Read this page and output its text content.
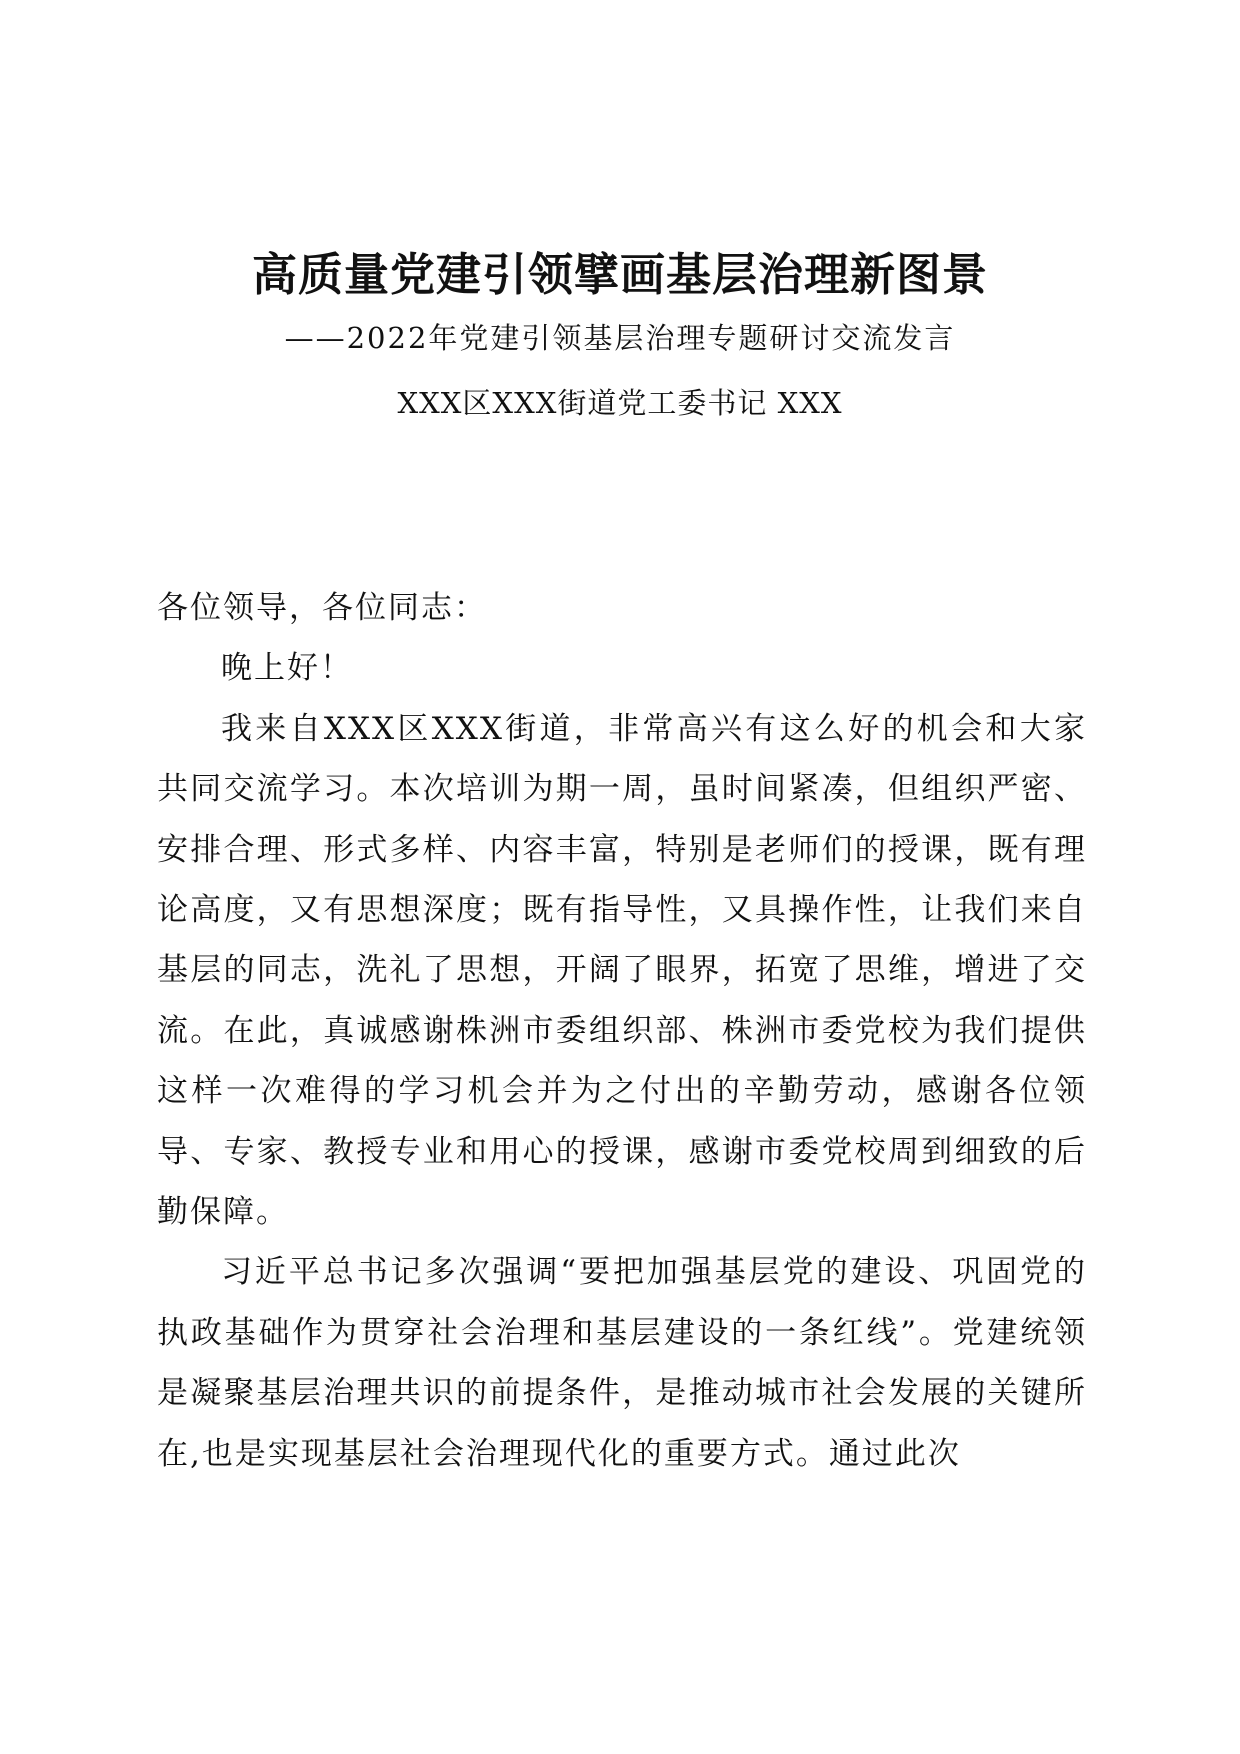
高质量党建引领擘画基层治理新图景
——2022年党建引领基层治理专题研讨交流发言
XXX区XXX街道党工委书记 XXX

各位领导，各位同志：

晚上好！

我来自XXX区XXX街道，非常高兴有这么好的机会和大家共同交流学习。本次培训为期一周，虽时间紧凑，但组织严密、安排合理、形式多样、内容丰富，特别是老师们的授课，既有理论高度，又有思想深度；既有指导性，又具操作性，让我们来自基层的同志，洗礼了思想，开阔了眼界，拓宽了思维，增进了交流。在此，真诚感谢株洲市委组织部、株洲市委党校为我们提供这样一次难得的学习机会并为之付出的辛勤劳动，感谢各位领导、专家、教授专业和用心的授课，感谢市委党校周到细致的后勤保障。

习近平总书记多次强调“要把加强基层党的建设、巩固党的执政基础作为贯穿社会治理和基层建设的一条红线”。党建统领是凝聚基层治理共识的前提条件，是推动城市社会发展的关键所在,也是实现基层社会治理现代化的重要方式。通过此次
